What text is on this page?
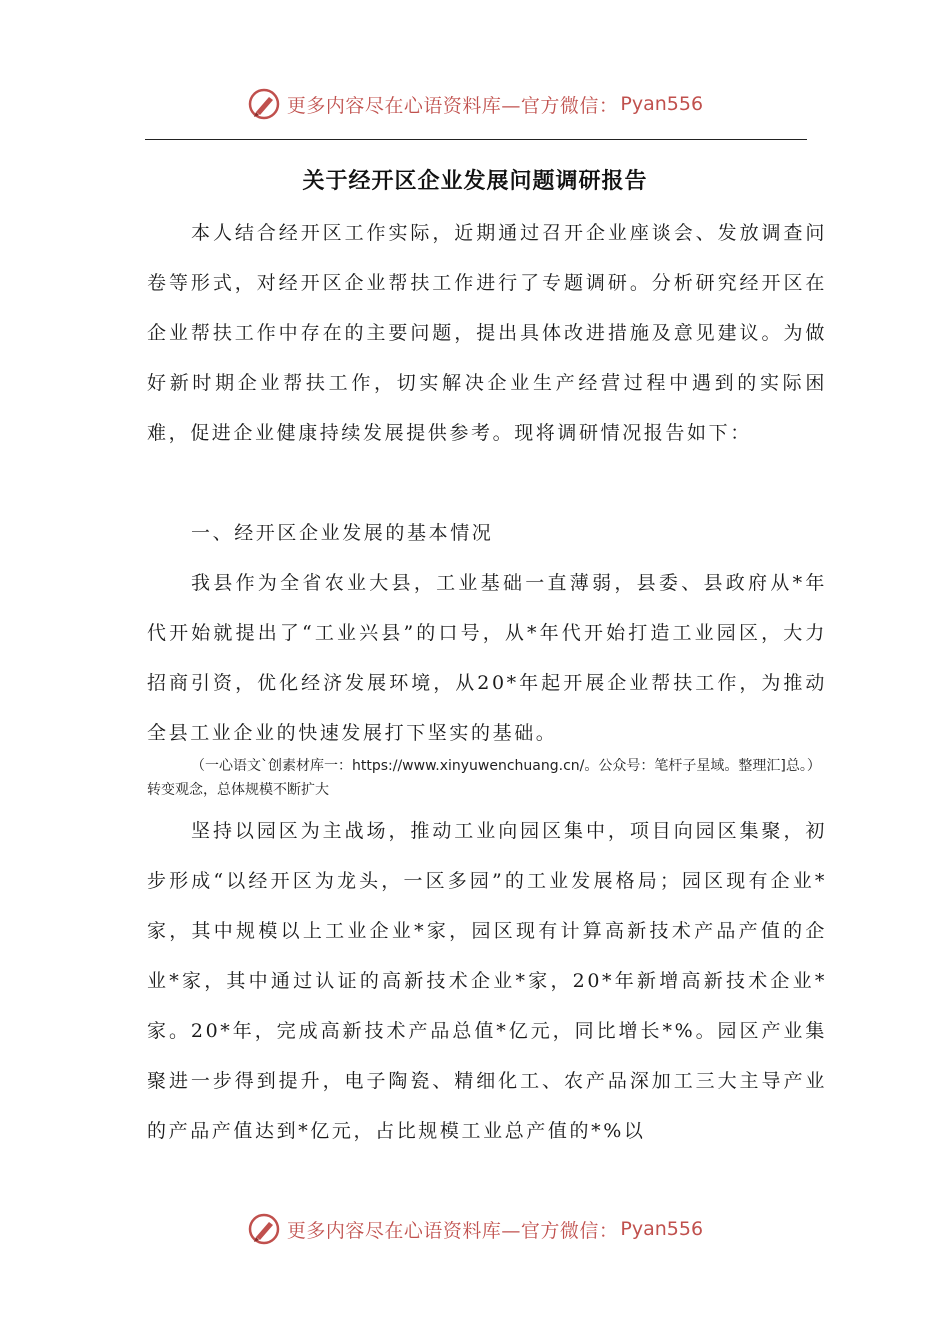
更多内容尽在心语资料库—官方微信： Pyan556
关于经开区企业发展问题调研报告

本人结合经开区工作实际，近期通过召开企业座谈会、发放调查问卷等形式，对经开区企业帮扶工作进行了专题调研。分析研究经开区在企业帮扶工作中存在的主要问题，提出具体改进措施及意见建议。为做好新时期企业帮扶工作，切实解决企业生产经营过程中遇到的实际困难，促进企业健康持续发展提供参考。现将调研情况报告如下：

一、经开区企业发展的基本情况

我县作为全省农业大县，工业基础一直薄弱，县委、县政府从*年代开始就提出了“工业兴县”的口号，从*年代开始打造工业园区，大力招商引资，优化经济发展环境，从20*年起开展企业帮扶工作，为推动全县工业企业的快速发展打下坚实的基础。

（一心语文`创素材库一：https://www.xinyuwenchuang.cn/。公众号：笔杆子星域。整理汇]总。）转变观念，总体规模不断扩大

坚持以园区为主战场，推动工业向园区集中，项目向园区集聚，初步形成“以经开区为龙头，一区多园”的工业发展格局；园区现有企业*家，其中规模以上工业企业*家，园区现有计算高新技术产品产值的企业*家，其中通过认证的高新技术企业*家，20*年新增高新技术企业*家。20*年，完成高新技术产品总值*亿元，同比增长*%。园区产业集聚进一步得到提升，电子陶瓷、精细化工、农产品深加工三大主导产业的产品产值达到*亿元，占比规模工业总产值的*%以

更多内容尽在心语资料库—官方微信： Pyan556
